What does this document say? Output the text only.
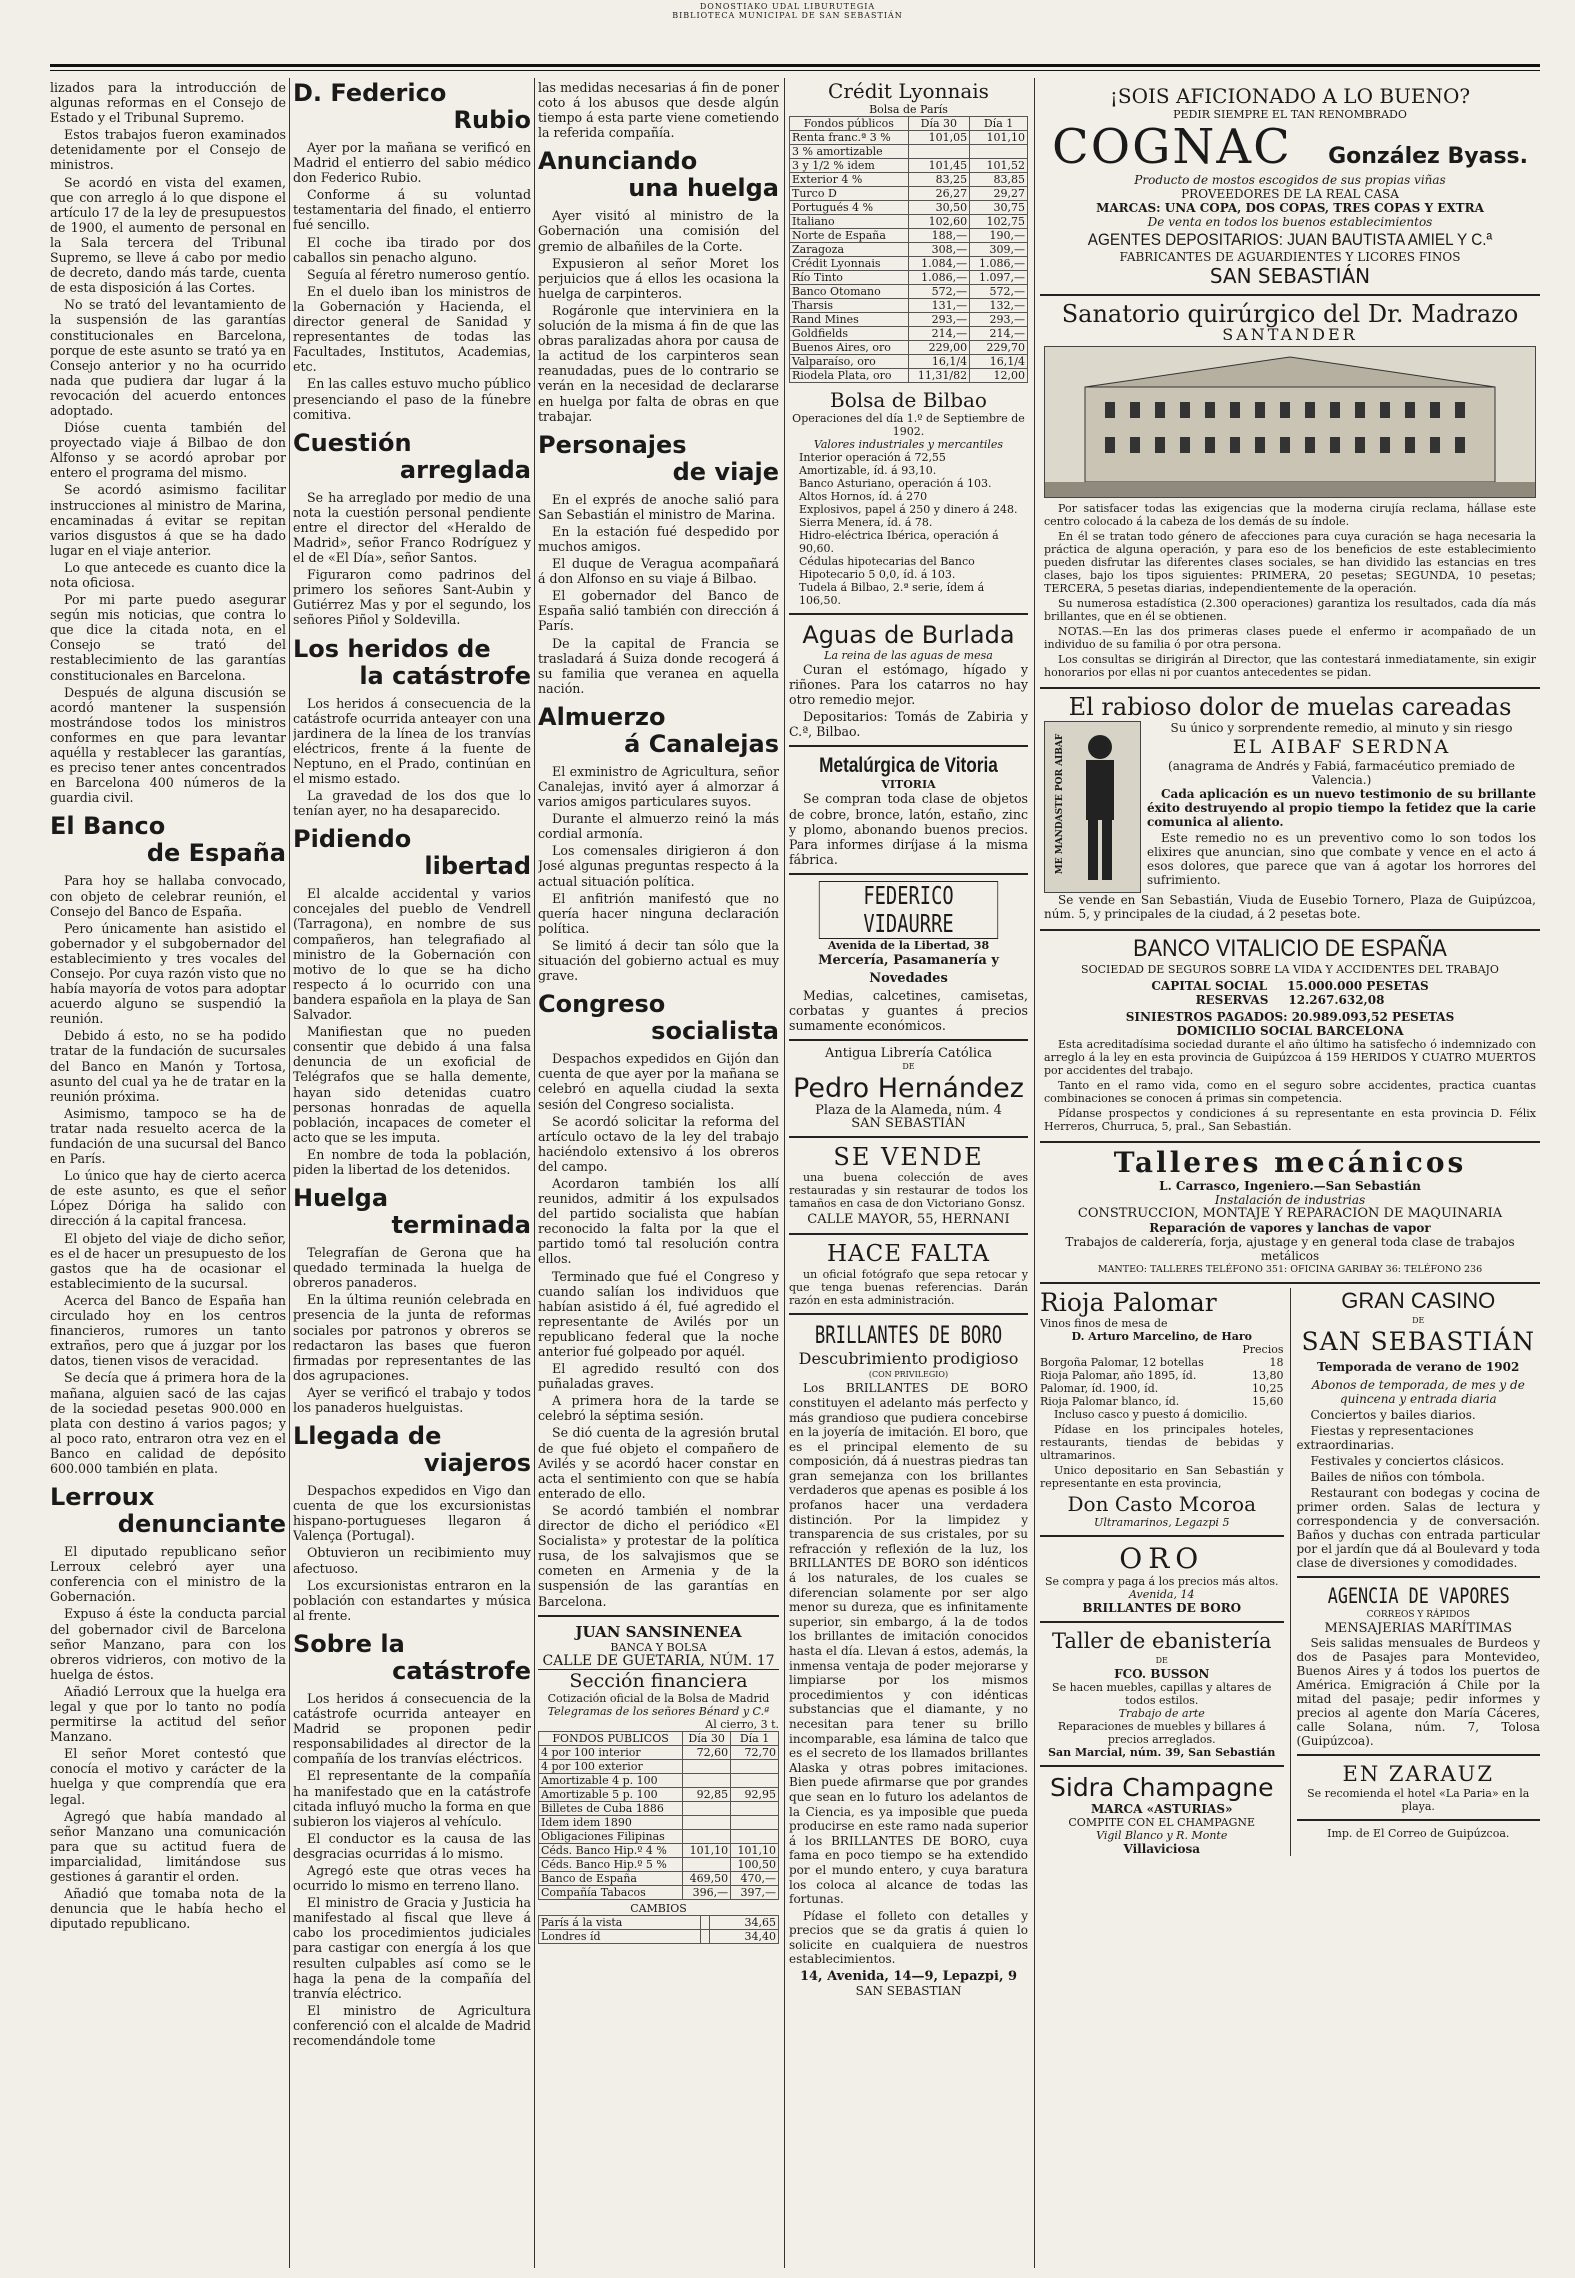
DONOSTIAKO UDAL LIBURUTEGIA
BIBLIOTECA MUNICIPAL DE SAN SEBASTIÁN

lizados para la introducción de algunas reformas en el Consejo de Estado y el Tribunal Supremo.

Estos trabajos fueron examinados detenidamente por el Consejo de ministros.

Se acordó en vista del examen, que con arreglo á lo que dispone el artículo 17 de la ley de presupuestos de 1900, el aumento de personal en la Sala tercera del Tribunal Supremo, se lleve á cabo por medio de decreto, dando más tarde, cuenta de esta disposición á las Cortes.

No se trató del levantamiento de la suspensión de las garantías constitucionales en Barcelona, porque de este asunto se trató ya en Consejo anterior y no ha ocurrido nada que pudiera dar lugar á la revocación del acuerdo entonces adoptado.

Dióse cuenta también del proyectado viaje á Bilbao de don Alfonso y se acordó aprobar por entero el programa del mismo.

Se acordó asimismo facilitar instrucciones al ministro de Marina, encaminadas á evitar se repitan varios disgustos á que se ha dado lugar en el viaje anterior.

Lo que antecede es cuanto dice la nota oficiosa.

Por mi parte puedo asegurar según mis noticias, que contra lo que dice la citada nota, en el Consejo se trató del restablecimiento de las garantías constitucionales en Barcelona.

Después de alguna discusión se acordó mantener la suspensión mostrándose todos los ministros conformes en que para levantar aquélla y restablecer las garantías, es preciso tener antes concentrados en Barcelona 400 números de la guardia civil.

El Banco
de España

Para hoy se hallaba convocado, con objeto de celebrar reunión, el Consejo del Banco de España.

Pero únicamente han asistido el gobernador y el subgobernador del establecimiento y tres vocales del Consejo. Por cuya razón visto que no había mayoría de votos para adoptar acuerdo alguno se suspendió la reunión.

Debido á esto, no se ha podido tratar de la fundación de sucursales del Banco en Manón y Tortosa, asunto del cual ya he de tratar en la reunión próxima.

Asimismo, tampoco se ha de tratar nada resuelto acerca de la fundación de una sucursal del Banco en París.

Lo único que hay de cierto acerca de este asunto, es que el señor López Dóriga ha salido con dirección á la capital francesa.

El objeto del viaje de dicho señor, es el de hacer un presupuesto de los gastos que ha de ocasionar el establecimiento de la sucursal.

Acerca del Banco de España han circulado hoy en los centros financieros, rumores un tanto extraños, pero que á juzgar por los datos, tienen visos de veracidad.

Se decía que á primera hora de la mañana, alguien sacó de las cajas de la sociedad pesetas 900.000 en plata con destino á varios pagos; y al poco rato, entraron otra vez en el Banco en calidad de depósito 600.000 también en plata.

Lerroux
denunciante

El diputado republicano señor Lerroux celebró ayer una conferencia con el ministro de la Gobernación.

Expuso á éste la conducta parcial del gobernador civil de Barcelona señor Manzano, para con los obreros vidrieros, con motivo de la huelga de éstos.

Añadió Lerroux que la huelga era legal y que por lo tanto no podía permitirse la actitud del señor Manzano.

El señor Moret contestó que conocía el motivo y carácter de la huelga y que comprendía que era legal.

Agregó que había mandado al señor Manzano una comunicación para que su actitud fuera de imparcialidad, limitándose sus gestiones á garantir el orden.

Añadió que tomaba nota de la denuncia que le había hecho el diputado republicano.

D. Federico
Rubio

Ayer por la mañana se verificó en Madrid el entierro del sabio médico don Federico Rubio.

Conforme á su voluntad testamentaria del finado, el entierro fué sencillo.

El coche iba tirado por dos caballos sin penacho alguno.

Seguía al féretro numeroso gentío.

En el duelo iban los ministros de la Gobernación y Hacienda, el director general de Sanidad y representantes de todas las Facultades, Institutos, Academias, etc.

En las calles estuvo mucho público presenciando el paso de la fúnebre comitiva.

Cuestión
arreglada

Se ha arreglado por medio de una nota la cuestión personal pendiente entre el director del «Heraldo de Madrid», señor Franco Rodríguez y el de «El Día», señor Santos.

Figuraron como padrinos del primero los señores Sant-Aubin y Gutiérrez Mas y por el segundo, los señores Piñol y Soldevilla.

Los heridos de
la catástrofe

Los heridos á consecuencia de la catástrofe ocurrida anteayer con una jardinera de la línea de los tranvías eléctricos, frente á la fuente de Neptuno, en el Prado, continúan en el mismo estado.

La gravedad de los dos que lo tenían ayer, no ha desaparecido.

Pidiendo
libertad

El alcalde accidental y varios concejales del pueblo de Vendrell (Tarragona), en nombre de sus compañeros, han telegrafiado al ministro de la Gobernación con motivo de lo que se ha dicho respecto á lo ocurrido con una bandera española en la playa de San Salvador.

Manifiestan que no pueden consentir que debido á una falsa denuncia de un exoficial de Telégrafos que se halla demente, hayan sido detenidas cuatro personas honradas de aquella población, incapaces de cometer el acto que se les imputa.

En nombre de toda la población, piden la libertad de los detenidos.

Huelga
terminada

Telegrafían de Gerona que ha quedado terminada la huelga de obreros panaderos.

En la última reunión celebrada en presencia de la junta de reformas sociales por patronos y obreros se redactaron las bases que fueron firmadas por representantes de las dos agrupaciones.

Ayer se verificó el trabajo y todos los panaderos huelguistas.

Llegada de
viajeros

Despachos expedidos en Vigo dan cuenta de que los excursionistas hispano-portugueses llegaron á Valença (Portugal).

Obtuvieron un recibimiento muy afectuoso.

Los excursionistas entraron en la población con estandartes y música al frente.

Sobre la
catástrofe

Los heridos á consecuencia de la catástrofe ocurrida anteayer en Madrid se proponen pedir responsabilidades al director de la compañía de los tranvías eléctricos.

El representante de la compañía ha manifestado que en la catástrofe citada influyó mucho la forma en que subieron los viajeros al vehículo.

El conductor es la causa de las desgracias ocurridas á lo mismo.

Agregó este que otras veces ha ocurrido lo mismo en terreno llano.

El ministro de Gracia y Justicia ha manifestado al fiscal que lleve á cabo los procedimientos judiciales para castigar con energía á los que resulten culpables así como se le haga la pena de la compañía del tranvía eléctrico.

El ministro de Agricultura conferenció con el alcalde de Madrid recomendándole tome

las medidas necesarias á fin de poner coto á los abusos que desde algún tiempo á esta parte viene cometiendo la referida compañía.

Anunciando
una huelga

Ayer visitó al ministro de la Gobernación una comisión del gremio de albañiles de la Corte.

Expusieron al señor Moret los perjuicios que á ellos les ocasiona la huelga de carpinteros.

Rogáronle que interviniera en la solución de la misma á fin de que las obras paralizadas ahora por causa de la actitud de los carpinteros sean reanudadas, pues de lo contrario se verán en la necesidad de declararse en huelga por falta de obras en que trabajar.

Personajes
de viaje

En el exprés de anoche salió para San Sebastián el ministro de Marina.

En la estación fué despedido por muchos amigos.

El duque de Veragua acompañará á don Alfonso en su viaje á Bilbao.

El gobernador del Banco de España salió también con dirección á París.

De la capital de Francia se trasladará á Suiza donde recogerá á su familia que veranea en aquella nación.

Almuerzo
á Canalejas

El exministro de Agricultura, señor Canalejas, invitó ayer á almorzar á varios amigos particulares suyos.

Durante el almuerzo reinó la más cordial armonía.

Los comensales dirigieron á don José algunas preguntas respecto á la actual situación política.

El anfitrión manifestó que no quería hacer ninguna declaración política.

Se limitó á decir tan sólo que la situación del gobierno actual es muy grave.

Congreso
socialista

Despachos expedidos en Gijón dan cuenta de que ayer por la mañana se celebró en aquella ciudad la sexta sesión del Congreso socialista.

Se acordó solicitar la reforma del artículo octavo de la ley del trabajo haciéndolo extensivo á los obreros del campo.

Acordaron también los allí reunidos, admitir á los expulsados del partido socialista que habían reconocido la falta por la que el partido tomó tal resolución contra ellos.

Terminado que fué el Congreso y cuando salían los individuos que habían asistido á él, fué agredido el representante de Avilés por un republicano federal que la noche anterior fué golpeado por aquél.

El agredido resultó con dos puñaladas graves.

A primera hora de la tarde se celebró la séptima sesión.

Se dió cuenta de la agresión brutal de que fué objeto el compañero de Avilés y se acordó hacer constar en acta el sentimiento con que se había enterado de ello.

Se acordó también el nombrar director de dicho el periódico «El Socialista» y protestar de la política rusa, de los salvajismos que se cometen en Armenia y de la suspensión de las garantías en Barcelona.

JUAN SANSINENEA
BANCA Y BOLSA
CALLE DE GUETARIA, NÚM. 17
Sección financiera
Cotización oficial de la Bolsa de Madrid
Telegramas de los señores Bénard y C.ª
Al cierro, 3 t.
FONDOS PUBLICOS	Día 30	Día 1
4 por 100 interior	72,60	72,70
4 por 100 exterior		
Amortizable 4 p. 100		
Amortizable 5 p. 100	92,85	92,95
Billetes de Cuba 1886		
Idem idem 1890		
Obligaciones Filipinas		
Céds. Banco Hip.º 4 %	101,10	101,10
Céds. Banco Hip.º 5 %		100,50
Banco de España	469,50	470,—
Compañía Tabacos	396,—	397,—
CAMBIOS
París á la vista		34,65
Londres íd		34,40
Crédit Lyonnais
Bolsa de París
Fondos públicos	Día 30	Día 1
Renta franc.ª 3 %	101,05	101,10
3 % amortizable		
3 y 1/2 % idem	101,45	101,52
Exterior 4 %	83,25	83,85
Turco D	26,27	29,27
Portugués 4 %	30,50	30,75
Italiano	102,60	102,75
Norte de España	188,—	190,—
Zaragoza	308,—	309,—
Crédit Lyonnais	1.084,—	1.086,—
Río Tinto	1.086,—	1.097,—
Banco Otomano	572,—	572,—
Tharsis	131,—	132,—
Rand Mines	293,—	293,—
Goldfields	214,—	214,—
Buenos Aires, oro	229,00	229,70
Valparaíso, oro	16,1/4	16,1/4
Riodela Plata, oro	11,31/82	12,00
Bolsa de Bilbao
Operaciones del día 1.º de Septiembre de 1902.
Valores industriales y mercantiles
Interior operación á 72,55
Amortizable, íd. á 93,10.
Banco Asturiano, operación á 103.
Altos Hornos, íd. á 270
Explosivos, papel á 250 y dinero á 248.
Sierra Menera, íd. á 78.
Hidro-eléctrica Ibérica, operación á 90,60.
Cédulas hipotecarias del Banco Hipotecario 5 0,0, íd. á 103.
Tudela á Bilbao, 2.ª serie, ídem á 106,50.
Aguas de Burlada
La reina de las aguas de mesa

Curan el estómago, hígado y riñones. Para los catarros no hay otro remedio mejor.

Depositarios: Tomás de Zabiria y C.ª, Bilbao.

Metalúrgica de Vitoria
VITORIA

Se compran toda clase de objetos de cobre, bronce, latón, estaño, zinc y plomo, abonando buenos precios. Para informes diríjase á la misma fábrica.

FEDERICO VIDAURRE
Avenida de la Libertad, 38
Mercería, Pasamanería y Novedades

Medias, calcetines, camisetas, corbatas y guantes á precios sumamente económicos.

Antigua Librería Católica
DE
Pedro Hernández
Plaza de la Alameda, núm. 4
SAN SEBASTIÁN
SE VENDE

una buena colección de aves restauradas y sin restaurar de todos los tamaños en casa de don Victoriano Gonsz.

CALLE MAYOR, 55, HERNANI
HACE FALTA

un oficial fotógrafo que sepa retocar y que tenga buenas referencias. Darán razón en esta administración.

BRILLANTES DE BORO
Descubrimiento prodigioso
(CON PRIVILEGIO)

Los BRILLANTES DE BORO constituyen el adelanto más perfecto y más grandioso que pudiera concebirse en la joyería de imitación. El boro, que es el principal elemento de su composición, dá á nuestras piedras tan gran semejanza con los brillantes verdaderos que apenas es posible á los profanos hacer una verdadera distinción. Por la limpidez y transparencia de sus cristales, por su refracción y reflexión de la luz, los BRILLANTES DE BORO son idénticos á los naturales, de los cuales se diferencian solamente por ser algo menor su dureza, que es infinitamente superior, sin embargo, á la de todos los brillantes de imitación conocidos hasta el día. Llevan á estos, además, la inmensa ventaja de poder mejorarse y limpiarse por los mismos procedimientos y con idénticas substancias que el diamante, y no necesitan para tener su brillo incomparable, esa lámina de talco que es el secreto de los llamados brillantes Alaska y otras pobres imitaciones. Bien puede afirmarse que por grandes que sean en lo futuro los adelantos de la Ciencia, es ya imposible que pueda producirse en este ramo nada superior á los BRILLANTES DE BORO, cuya fama en poco tiempo se ha extendido por el mundo entero, y cuya baratura los coloca al alcance de todas las fortunas.

Pídase el folleto con detalles y precios que se da gratis á quien lo solicite en cualquiera de nuestros establecimientos.

14, Avenida, 14—9, Lepazpi, 9
SAN SEBASTIAN
¡SOIS AFICIONADO A LO BUENO?
PEDIR SIEMPRE EL TAN RENOMBRADO
COGNAC González Byass.
Producto de mostos escogidos de sus propias viñas
PROVEEDORES DE LA REAL CASA
MARCAS: UNA COPA, DOS COPAS, TRES COPAS Y EXTRA
De venta en todos los buenos establecimientos
AGENTES DEPOSITARIOS: JUAN BAUTISTA AMIEL Y C.ª
FABRICANTES DE AGUARDIENTES Y LICORES FINOS
SAN SEBASTIÁN
Sanatorio quirúrgico del Dr. Madrazo
SANTANDER

Por satisfacer todas las exigencias que la moderna cirujía reclama, hállase este centro colocado á la cabeza de los demás de su índole.

En él se tratan todo género de afecciones para cuya curación se haga necesaria la práctica de alguna operación, y para eso de los beneficios de este establecimiento pueden disfrutar las diferentes clases sociales, se han dividido las estancias en tres clases, bajo los tipos siguientes: PRIMERA, 20 pesetas; SEGUNDA, 10 pesetas; TERCERA, 5 pesetas diarias, independientemente de la operación.

Su numerosa estadística (2.300 operaciones) garantiza los resultados, cada día más brillantes, que en él se obtienen.

NOTAS.—En las dos primeras clases puede el enfermo ir acompañado de un individuo de su familia ó por otra persona.

Los consultas se dirigirán al Director, que las contestará inmediatamente, sin exigir honorarios por ellas ni por cuantos antecedentes se pidan.

El rabioso dolor de muelas careadas
ME MANDASTE POR AIBAF
Su único y sorprendente remedio, al minuto y sin riesgo
EL AIBAF SERDNA
(anagrama de Andrés y Fabiá, farmacéutico premiado de Valencia.)

Cada aplicación es un nuevo testimonio de su brillante éxito destruyendo al propio tiempo la fetidez que la carie comunica al aliento.

Este remedio no es un preventivo como lo son todos los elixires que anuncian, sino que combate y vence en el acto á esos dolores, que parece que van á agotar los horrores del sufrimiento.

Se vende en San Sebastián, Viuda de Eusebio Tornero, Plaza de Guipúzcoa, núm. 5, y principales de la ciudad, á 2 pesetas bote.

BANCO VITALICIO DE ESPAÑA
SOCIEDAD DE SEGUROS SOBRE LA VIDA Y ACCIDENTES DEL TRABAJO
CAPITAL SOCIAL 15.000.000 PESETAS
RESERVAS 12.267.632,08
SINIESTROS PAGADOS: 20.989.093,52 PESETAS
DOMICILIO SOCIAL BARCELONA

Esta acreditadísima sociedad durante el año último ha satisfecho ó indemnizado con arreglo á la ley en esta provincia de Guipúzcoa á 159 HERIDOS Y CUATRO MUERTOS por accidentes del trabajo.

Tanto en el ramo vida, como en el seguro sobre accidentes, practica cuantas combinaciones se conocen á primas sin competencia.

Pídanse prospectos y condiciones á su representante en esta provincia D. Félix Herreros, Churruca, 5, pral., San Sebastián.

Talleres mecánicos
L. Carrasco, Ingeniero.—San Sebastián
Instalación de industrias
CONSTRUCCION, MONTAJE Y REPARACION DE MAQUINARIA
Reparación de vapores y lanchas de vapor
Trabajos de calderería, forja, ajustage y en general toda clase de trabajos metálicos
MANTEO: TALLERES TELÉFONO 351: OFICINA GARIBAY 36: TELÉFONO 236
Rioja Palomar
Vinos finos de mesa de
D. Arturo Marcelino, de Haro
Precios
Borgoña Palomar, 12 botellas	18
Rioja Palomar, año 1895, íd.	13,80
Palomar, íd. 1900, íd.	10,25
Rioja Palomar blanco, íd.	15,60

Incluso casco y puesto á domicilio.

Pídase en los principales hoteles, restaurants, tiendas de bebidas y ultramarinos.

Unico depositario en San Sebastián y representante en esta provincia,

Don Casto Mcoroa
Ultramarinos, Legazpi 5
ORO
Se compra y paga á los precios más altos.
Avenida, 14
BRILLANTES DE BORO
Taller de ebanistería
DE
FCO. BUSSON
Se hacen muebles, capillas y altares de todos estilos.
Trabajo de arte
Reparaciones de muebles y billares á precios arreglados.
San Marcial, núm. 39, San Sebastián
Sidra Champagne
MARCA «ASTURIAS»
COMPITE CON EL CHAMPAGNE
Vigil Blanco y R. Monte
Villaviciosa
GRAN CASINO
DE
SAN SEBASTIÁN
Temporada de verano de 1902

Abonos de temporada, de mes y de quincena y entrada diaria

Conciertos y bailes diarios.

Fiestas y representaciones extraordinarias.

Festivales y conciertos clásicos.

Bailes de niños con tómbola.

Restaurant con bodegas y cocina de primer orden. Salas de lectura y correspondencia y de conversación. Baños y duchas con entrada particular por el jardín que dá al Boulevard y toda clase de diversiones y comodidades.

AGENCIA DE VAPORES
CORREOS Y RÁPIDOS
MENSAJERIAS MARÍTIMAS

Seis salidas mensuales de Burdeos y dos de Pasajes para Montevideo, Buenos Aires y á todos los puertos de América. Emigración á Chile por la mitad del pasaje; pedir informes y precios al agente don María Cáceres, calle Solana, núm. 7, Tolosa (Guipúzcoa).

EN ZARAUZ
Se recomienda el hotel «La Paria» en la playa.
Imp. de El Correo de Guipúzcoa.
